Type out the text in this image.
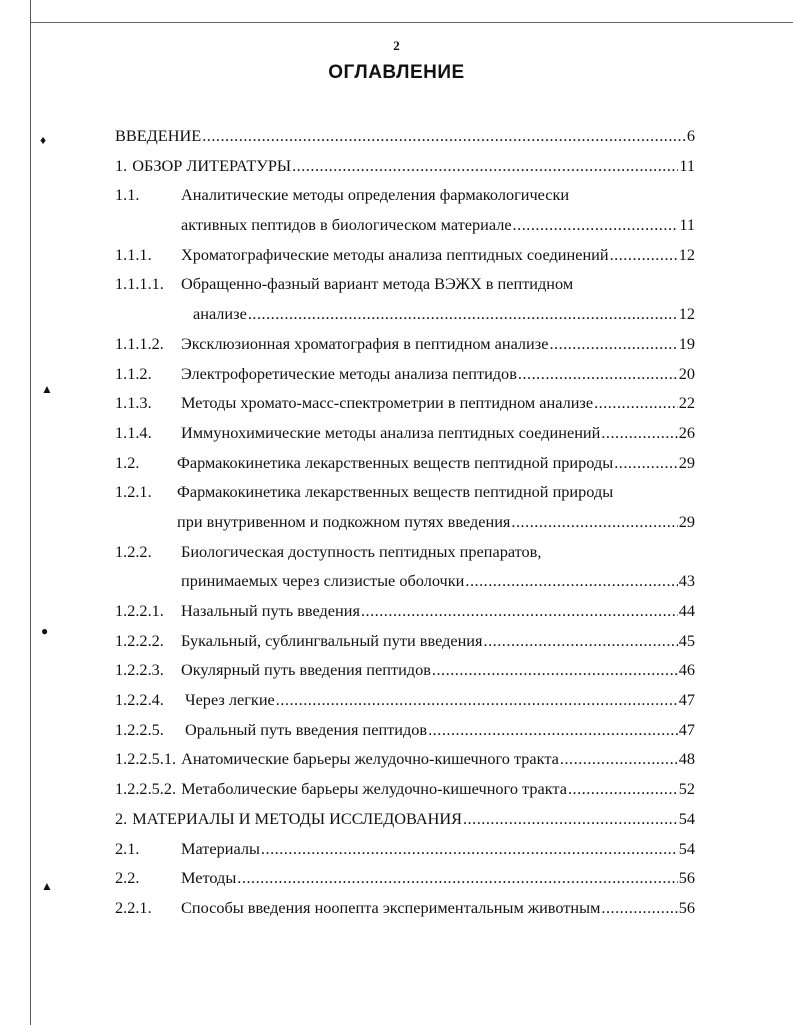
♦
▲
●
▲
2
ОГЛАВЛЕНИЕ
ВВЕДЕНИЕ .....	6
1. ОБЗОР ЛИТЕРАТУРЫ .....	11
1.1.	Аналитические методы определения фармакологически
активных пептидов в биологическом материале .....	11
1.1.1.	Хроматографические методы анализа пептидных соединений .....	12
1.1.1.1.	Обращенно-фазный вариант метода ВЭЖХ в пептидном
анализе .....	12
1.1.1.2.	Эксклюзионная хроматография в пептидном анализе .....	19
1.1.2.	Электрофоретические методы анализа пептидов .....	20
1.1.3.	Методы хромато-масс-спектрометрии в пептидном анализе .....	22
1.1.4.	Иммунохимические методы анализа пептидных соединений .....	26
1.2.	Фармакокинетика лекарственных веществ пептидной природы .....	29
1.2.1.	Фармакокинетика лекарственных веществ пептидной природы
при внутривенном и подкожном путях введения .....	29
1.2.2.	Биологическая доступность пептидных препаратов,
принимаемых через слизистые оболочки .....	43
1.2.2.1.	Назальный путь введения .....	44
1.2.2.2.	Букальный, сублингвальный пути введения .....	45
1.2.2.3.	Окулярный путь введения пептидов .....	46
1.2.2.4.	Через легкие .....	47
1.2.2.5.	Оральный путь введения пептидов .....	47
1.2.2.5.1. Анатомические барьеры желудочно-кишечного тракта .....	48
1.2.2.5.2. Метаболические барьеры желудочно-кишечного тракта .....	52
2. МАТЕРИАЛЫ И МЕТОДЫ ИССЛЕДОВАНИЯ .....	54
2.1.	Материалы .....	54
2.2.	Методы .....	56
2.2.1.	Способы введения ноопепта экспериментальным животным .....	56
